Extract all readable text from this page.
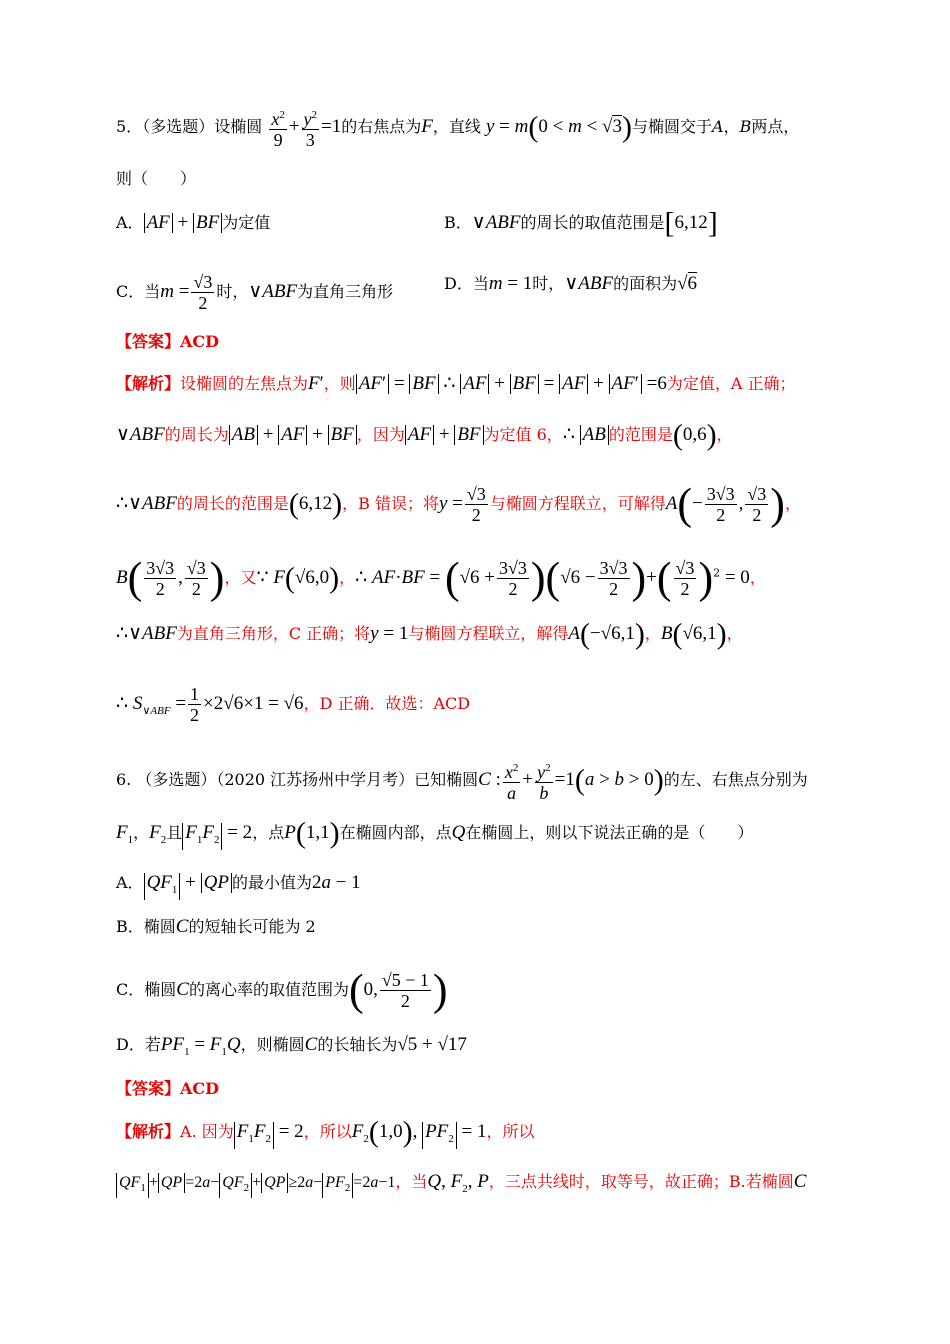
5．（多选题）设椭圆 $\frac{x^2}{9} + \frac{y^2}{3} =1$的右焦点为F，直线 y = m(0 < m < √3)与椭圆交于A，B两点，
则（　　）
A． AF + BF 为定值	B．∨ABF的周长的取值范围是[6,12]
C．当$m = \frac{√3}{2}$ 时，∨ABF为直角三角形	D．当m = 1时，∨ABF的面积为√6
【答案】ACD
【解析】设椭圆的左焦点为F′，则 AF′ = BF ∴ AF + BF = AF + AF′ =6为定值，A 正确；
∨ABF的周长为 AB + AF + BF ，因为 AF + BF 为定值 6，∴ AB 的范围是(0,6)，
∴∨ABF的周长的范围是(6,12)，B 错误；将$y = \frac{√3}{2}$ 与椭圆方程联立，可解得$A(- \frac{3√3}{2}$ , $\frac{√3}{2}$ )，
$B( \frac{3√3}{2}$ , $\frac{√3}{2}$ )，又∵ F(√6,0)，∴ $AF\cdot BF = (√6 + \frac{3√3}{2} )(√6 - \frac{3√3}{2}$ )+( $\frac{√3}{2} )^2 = 0$，
∴∨ABF为直角三角形，C 正确；将y = 1与椭圆方程联立，解得A(−√6,1)，B(√6,1)，
∴ $S_{\vee ABF} = \frac{1}{2} \times 2√6\times 1 = √6$，D 正确．故选：ACD
6. （多选题）（2020 江苏扬州中学月考）已知椭圆C : $\frac{x^2}{a} + \frac{y^2}{b} =1(a > b > 0)$的左、右焦点分别为
$F_1$，$F_2$且 $F_1F_2 = 2$，点P(1,1)在椭圆内部，点Q在椭圆上，则以下说法正确的是（　　）
A． $QF_1$ + QP 的最小值为2a − 1
B．椭圆C的短轴长可能为 2
C．椭圆C的离心率的取值范围为(0, $\frac{√5 - 1}{2}$ )
D．若$PF_1 = F_1Q$，则椭圆C的长轴长为√5 + √17
【答案】ACD
【解析】A. 因为 $F_1F_2 = 2$，所以$F_2(1,0)$, $PF_2 = 1$，所以
$QF_1$ + QP $=2a- QF_2$ + QP $\ge 2a- PF_2 =2a-1$，当Q, $F_2$, P，三点共线时，取等号，故正确；B.若椭圆C
